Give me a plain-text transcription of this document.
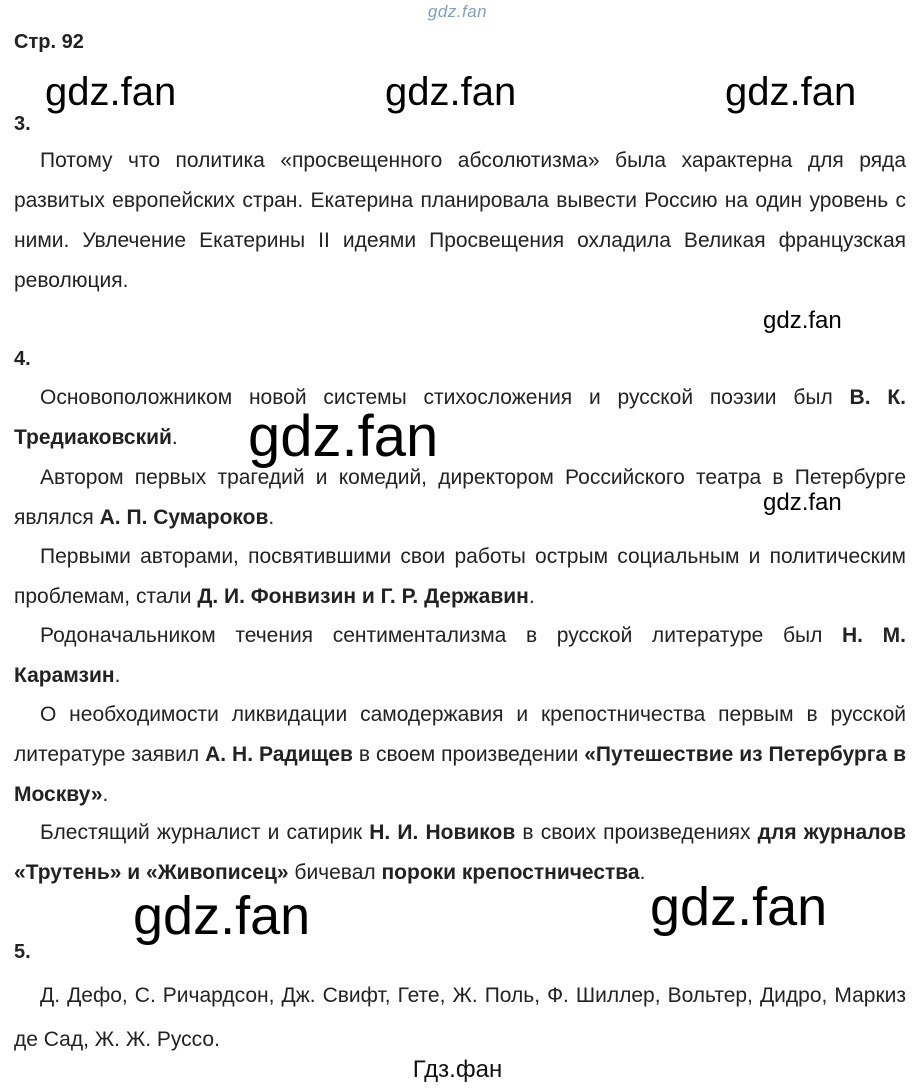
gdz.fan
Стр. 92
gdz.fan	gdz.fan	gdz.fan
3.
Потому что политика «просвещенного абсолютизма» была характерна для ряда развитых европейских стран. Екатерина планировала вывести Россию на один уровень с ними. Увлечение Екатерины II идеями Просвещения охладила Великая французская революция.
gdz.fan
4.
Основоположником новой системы стихосложения и русской поэзии был В. К. Тредиаковский.
Автором первых трагедий и комедий, директором Российского театра в Петербурге являлся А. П. Сумароков.
Первыми авторами, посвятившими свои работы острым социальным и политическим проблемам, стали Д. И. Фонвизин и Г. Р. Державин.
Родоначальником течения сентиментализма в русской литературе был Н. М. Карамзин.
О необходимости ликвидации самодержавия и крепостничества первым в русской литературе заявил А. Н. Радищев в своем произведении «Путешествие из Петербурга в Москву».
Блестящий журналист и сатирик Н. И. Новиков в своих произведениях для журналов «Трутень» и «Живописец» бичевал пороки крепостничества.
gdz.fan
gdz.fan
gdz.fan	gdz.fan
5.
Д. Дефо, С. Ричардсон, Дж. Свифт, Гете, Ж. Поль, Ф. Шиллер, Вольтер, Дидро, Маркиз де Сад, Ж. Ж. Руссо.
Гдз.фан
